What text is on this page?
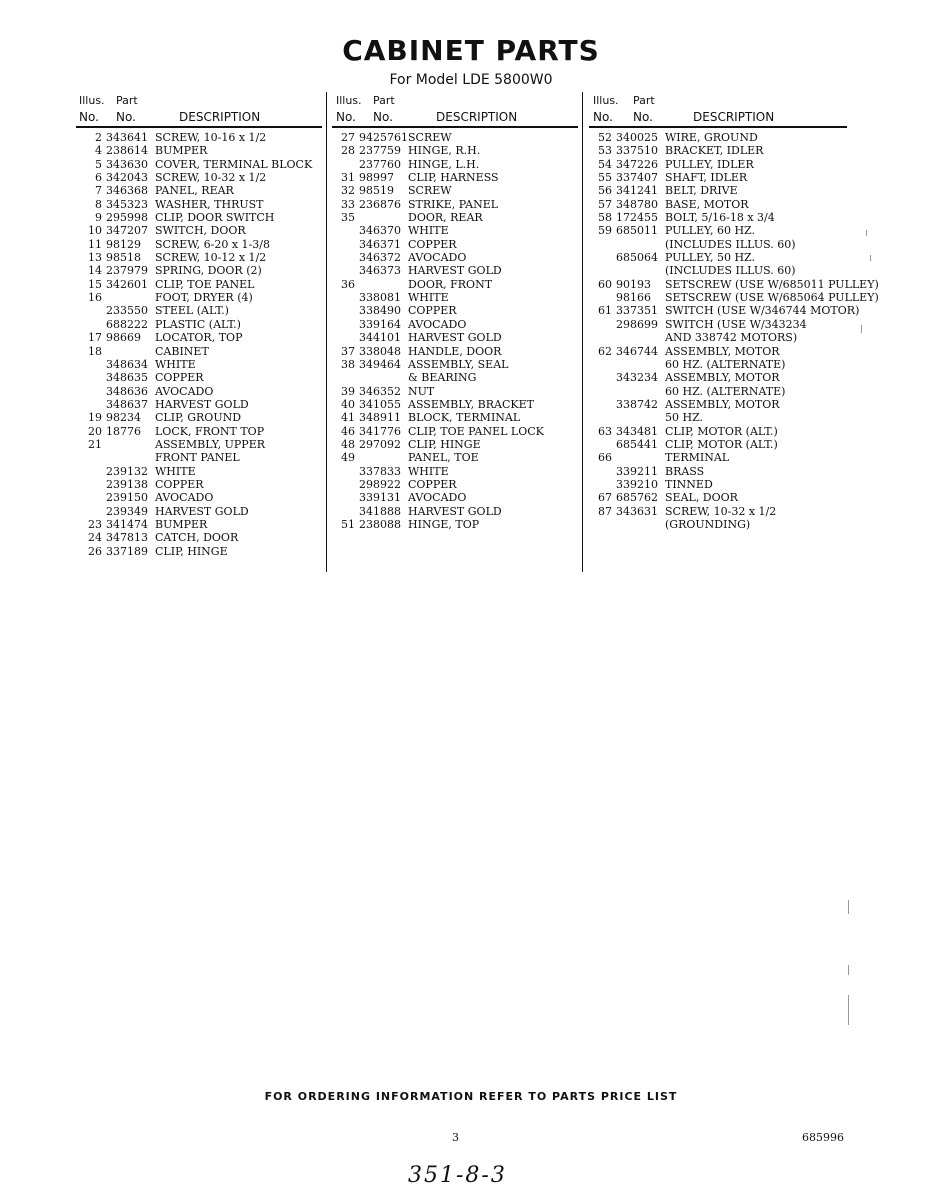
CABINET PARTS

For Model LDE 5800W0

Illus. Part
No. No.	DESCRIPTION
Illus. Part
No. No.	DESCRIPTION
Illus. Part
No. No.	DESCRIPTION
2 343641 SCREW, 10-16 x 1/2
4 238614 BUMPER
5 343630 COVER, TERMINAL BLOCK
6 342043 SCREW, 10-32 x 1/2
7 346368 PANEL, REAR
8 345323 WASHER, THRUST
9 295998 CLIP, DOOR SWITCH
10 347207 SWITCH, DOOR
11 98129 SCREW, 6-20 x 1-3/8
13 98518 SCREW, 10-12 x 1/2
14 237979 SPRING, DOOR (2)
15 342601 CLIP, TOE PANEL
16	FOOT, DRYER (4)
233550 STEEL (ALT.)
688222 PLASTIC (ALT.)
17 98669 LOCATOR, TOP
18	CABINET
348634 WHITE
348635 COPPER
348636 AVOCADO
348637 HARVEST GOLD
19 98234 CLIP, GROUND
20 18776 LOCK, FRONT TOP
21	ASSEMBLY, UPPER
FRONT PANEL
239132 WHITE
239138 COPPER
239150 AVOCADO
239349 HARVEST GOLD
23 341474 BUMPER
24 347813 CATCH, DOOR
26 337189 CLIP, HINGE
27 9425761 SCREW
28 237759 HINGE, R.H.
237760 HINGE, L.H.
31 98997 CLIP, HARNESS
32 98519 SCREW
33 236876 STRIKE, PANEL
35	DOOR, REAR
346370 WHITE
346371 COPPER
346372 AVOCADO
346373 HARVEST GOLD
36	DOOR, FRONT
338081 WHITE
338490 COPPER
339164 AVOCADO
344101 HARVEST GOLD
37 338048 HANDLE, DOOR
38 349464 ASSEMBLY, SEAL
& BEARING
39 346352 NUT
40 341055 ASSEMBLY, BRACKET
41 348911 BLOCK, TERMINAL
46 341776 CLIP, TOE PANEL LOCK
48 297092 CLIP, HINGE
49	PANEL, TOE
337833 WHITE
298922 COPPER
339131 AVOCADO
341888 HARVEST GOLD
51 238088 HINGE, TOP
52 340025 WIRE, GROUND
53 337510 BRACKET, IDLER
54 347226 PULLEY, IDLER
55 337407 SHAFT, IDLER
56 341241 BELT, DRIVE
57 348780 BASE, MOTOR
58 172455 BOLT, 5/16-18 x 3/4
59 685011 PULLEY, 60 HZ.
(INCLUDES ILLUS. 60)
685064 PULLEY, 50 HZ.
(INCLUDES ILLUS. 60)
60 90193 SETSCREW (USE W/685011 PULLEY)
98166 SETSCREW (USE W/685064 PULLEY)
61 337351 SWITCH (USE W/346744 MOTOR)
298699 SWITCH (USE W/343234
AND 338742 MOTORS)
62 346744 ASSEMBLY, MOTOR
60 HZ. (ALTERNATE)
343234 ASSEMBLY, MOTOR
60 HZ. (ALTERNATE)
338742 ASSEMBLY, MOTOR
50 HZ.
63 343481 CLIP, MOTOR (ALT.)
685441 CLIP, MOTOR (ALT.)
66	TERMINAL
339211 BRASS
339210 TINNED
67 685762 SEAL, DOOR
87 343631 SCREW, 10-32 x 1/2
(GROUNDING)

FOR ORDERING INFORMATION REFER TO PARTS PRICE LIST

3	685996
351-8-3
